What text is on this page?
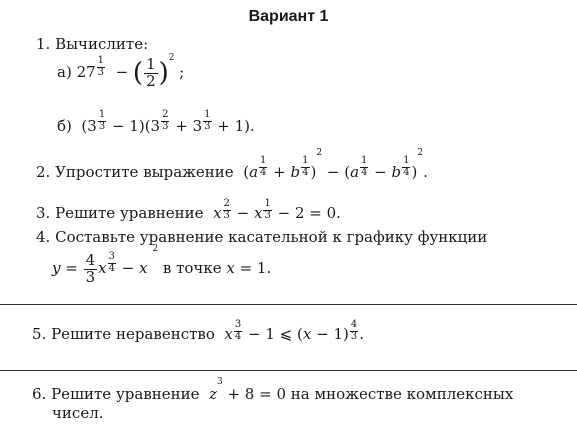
Вариант 1
1. Вычислите:
а) $27 \frac{1}{3}$ − ( $\frac{1}{2} )^2$ ;
б)  $(3 \frac{1}{3} - 1)(3 \frac{2}{3} + 3 \frac{1}{3} + 1)$.
2. Упростите выражение  $(a \frac{1}{4} + b \frac{1}{4} )^2 - (a \frac{1}{4} - b \frac{1}{4} )^2$.
3. Решите уравнение x $\frac{2}{3} - x \frac{1}{3} - 2 = 0$.
4. Составьте уравнение касательной к графику функции
$y = \frac{4}{3}$ x $\frac{3}{4} - x$ $^2$ в точке x = 1.
5. Решите неравенство x $\frac{3}{4} - 1$ ⩽ $(x - 1) \frac{4}{3}$ .
6. Решите уравнение $z^3 + 8 = 0$ на множестве комплексных
чисел.
